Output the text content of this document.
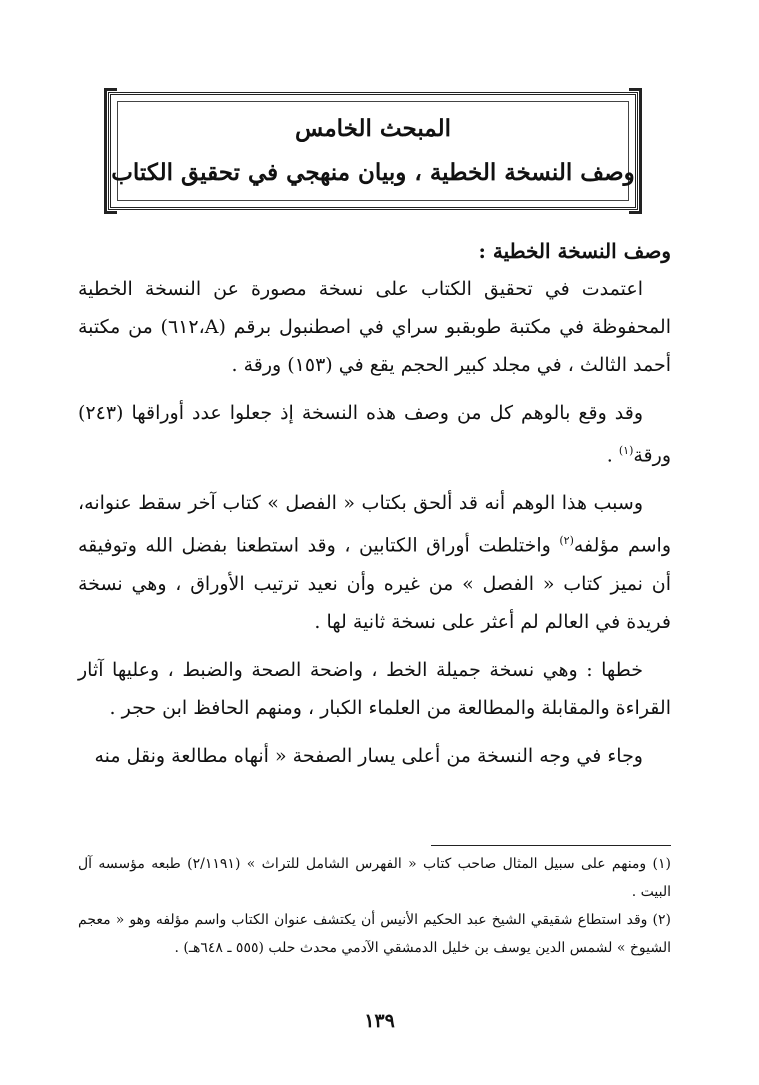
المبحث الخامس
وصف النسخة الخطية ، وبيان منهجي في تحقيق الكتاب
وصف النسخة الخطية :

اعتمدت في تحقيق الكتاب على نسخة مصورة عن النسخة الخطية المحفوظة في مكتبة طوبقبو سراي في اصطنبول برقم (A،٦١٢) من مكتبة أحمد الثالث ، في مجلد كبير الحجم يقع في (١٥٣) ورقة .

وقد وقع بالوهم كل من وصف هذه النسخة إذ جعلوا عدد أوراقها (٢٤٣) ورقة$^{(١)}$ .

وسبب هذا الوهم أنه قد ألحق بكتاب « الفصل » كتاب آخر سقط عنوانه، واسم مؤلفه$^{(٢)}$ واختلطت أوراق الكتابين ، وقد استطعنا بفضل الله وتوفيقه أن نميز كتاب « الفصل » من غيره وأن نعيد ترتيب الأوراق ، وهي نسخة فريدة في العالم لم أعثر على نسخة ثانية لها .

خطها : وهي نسخة جميلة الخط ، واضحة الصحة والضبط ، وعليها آثار القراءة والمقابلة والمطالعة من العلماء الكبار ، ومنهم الحافظ ابن حجر .

وجاء في وجه النسخة من أعلى يسار الصفحة « أنهاه مطالعة ونقل منه

(١) ومنهم على سبيل المثال صاحب كتاب « الفهرس الشامل للتراث » (٢/١١٩١) طبعه مؤسسه آل البيت .

(٢) وقد استطاع شقيقي الشيخ عبد الحكيم الأنيس أن يكتشف عنوان الكتاب واسم مؤلفه وهو « معجم الشيوخ » لشمس الدين يوسف بن خليل الدمشقي الآدمي محدث حلب (٥٥٥ ـ ٦٤٨هـ) .

١٣٩
